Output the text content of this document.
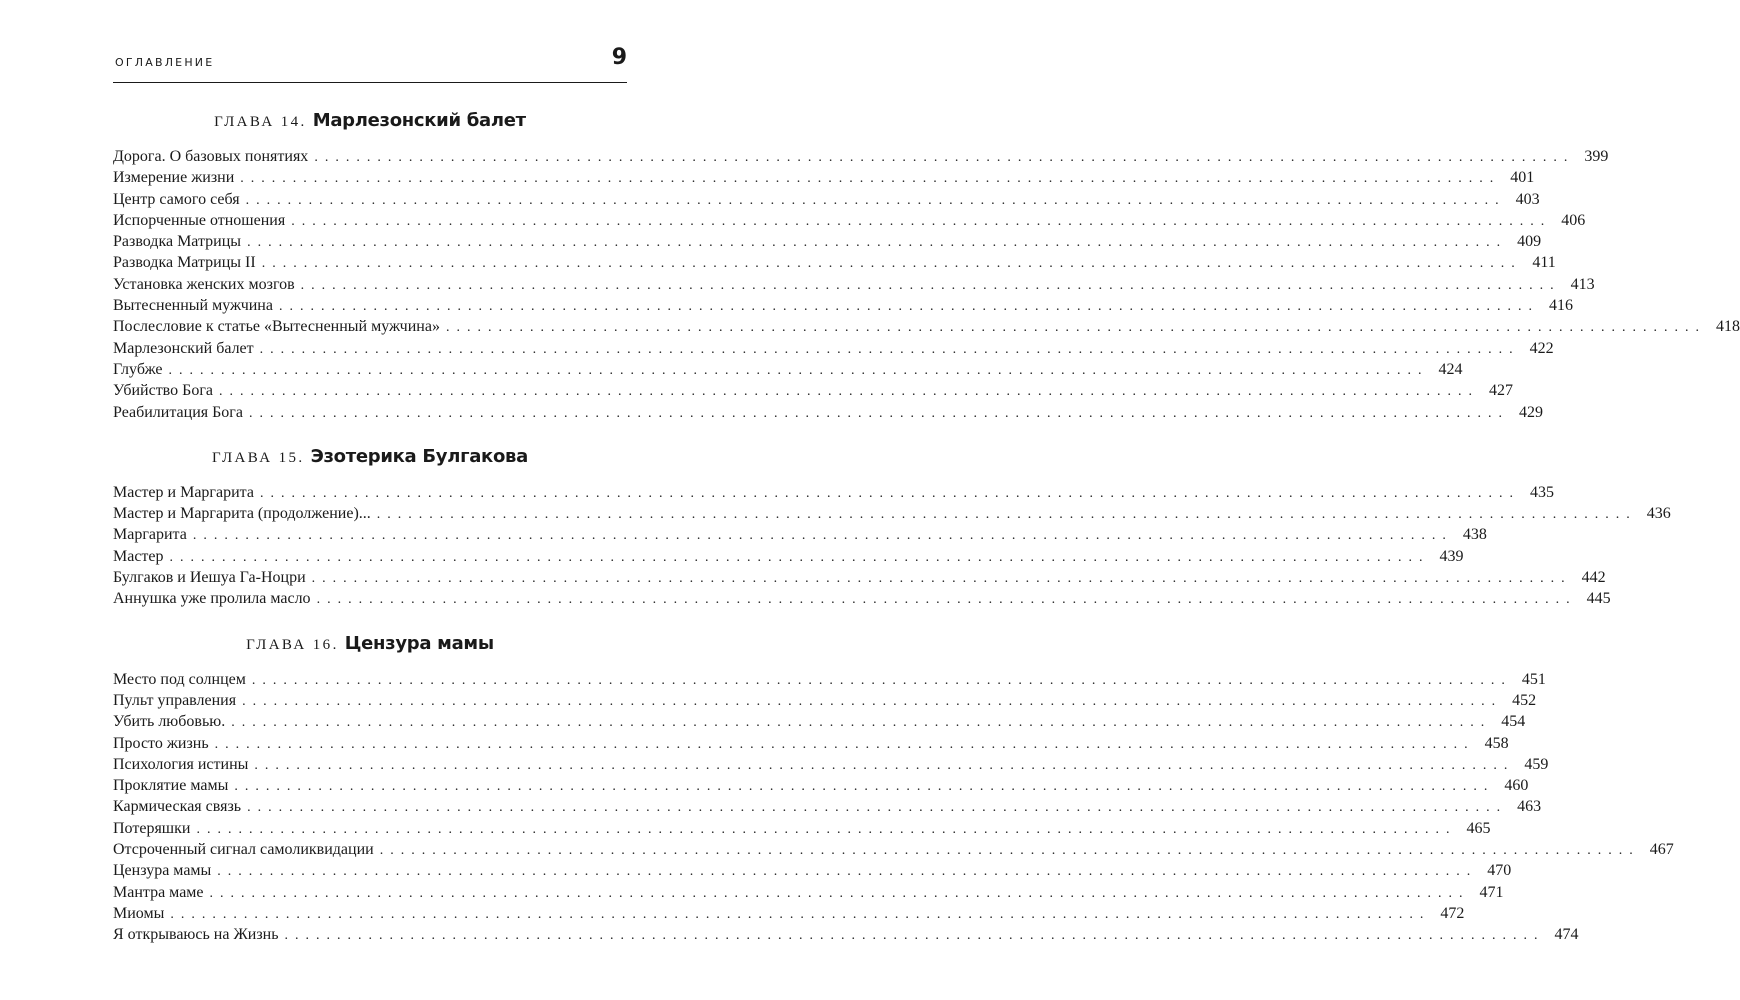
ОГЛАВЛЕНИЕ	9
ГЛАВА 14. Марлезонский балет
Дорога. О базовых понятиях ........................................................................................................................ 399
Измерение жизни ........................................................................................................................ 401
Центр самого себя ........................................................................................................................ 403
Испорченные отношения ........................................................................................................................ 406
Разводка Матрицы ........................................................................................................................ 409
Разводка Матрицы II ........................................................................................................................ 411
Установка женских мозгов ........................................................................................................................ 413
Вытесненный мужчина ........................................................................................................................ 416
Послесловие к статье «Вытесненный мужчина» ........................................................................................................................ 418
Марлезонский балет ........................................................................................................................ 422
Глубже ........................................................................................................................ 424
Убийство Бога ........................................................................................................................ 427
Реабилитация Бога ........................................................................................................................ 429
ГЛАВА 15. Эзотерика Булгакова
Мастер и Маргарита ........................................................................................................................ 435
Мастер и Маргарита (продолжение)... ........................................................................................................................ 436
Маргарита ........................................................................................................................ 438
Мастер ........................................................................................................................ 439
Булгаков и Иешуа Га-Ноцри ........................................................................................................................ 442
Аннушка уже пролила масло ........................................................................................................................ 445
ГЛАВА 16. Цензура мамы
Место под солнцем ........................................................................................................................ 451
Пульт управления ........................................................................................................................ 452
Убить любовью. ........................................................................................................................ 454
Просто жизнь ........................................................................................................................ 458
Психология истины ........................................................................................................................ 459
Проклятие мамы ........................................................................................................................ 460
Кармическая связь ........................................................................................................................ 463
Потеряшки ........................................................................................................................ 465
Отсроченный сигнал самоликвидации ........................................................................................................................ 467
Цензура мамы ........................................................................................................................ 470
Мантра маме ........................................................................................................................ 471
Миомы ........................................................................................................................ 472
Я открываюсь на Жизнь ........................................................................................................................ 474
